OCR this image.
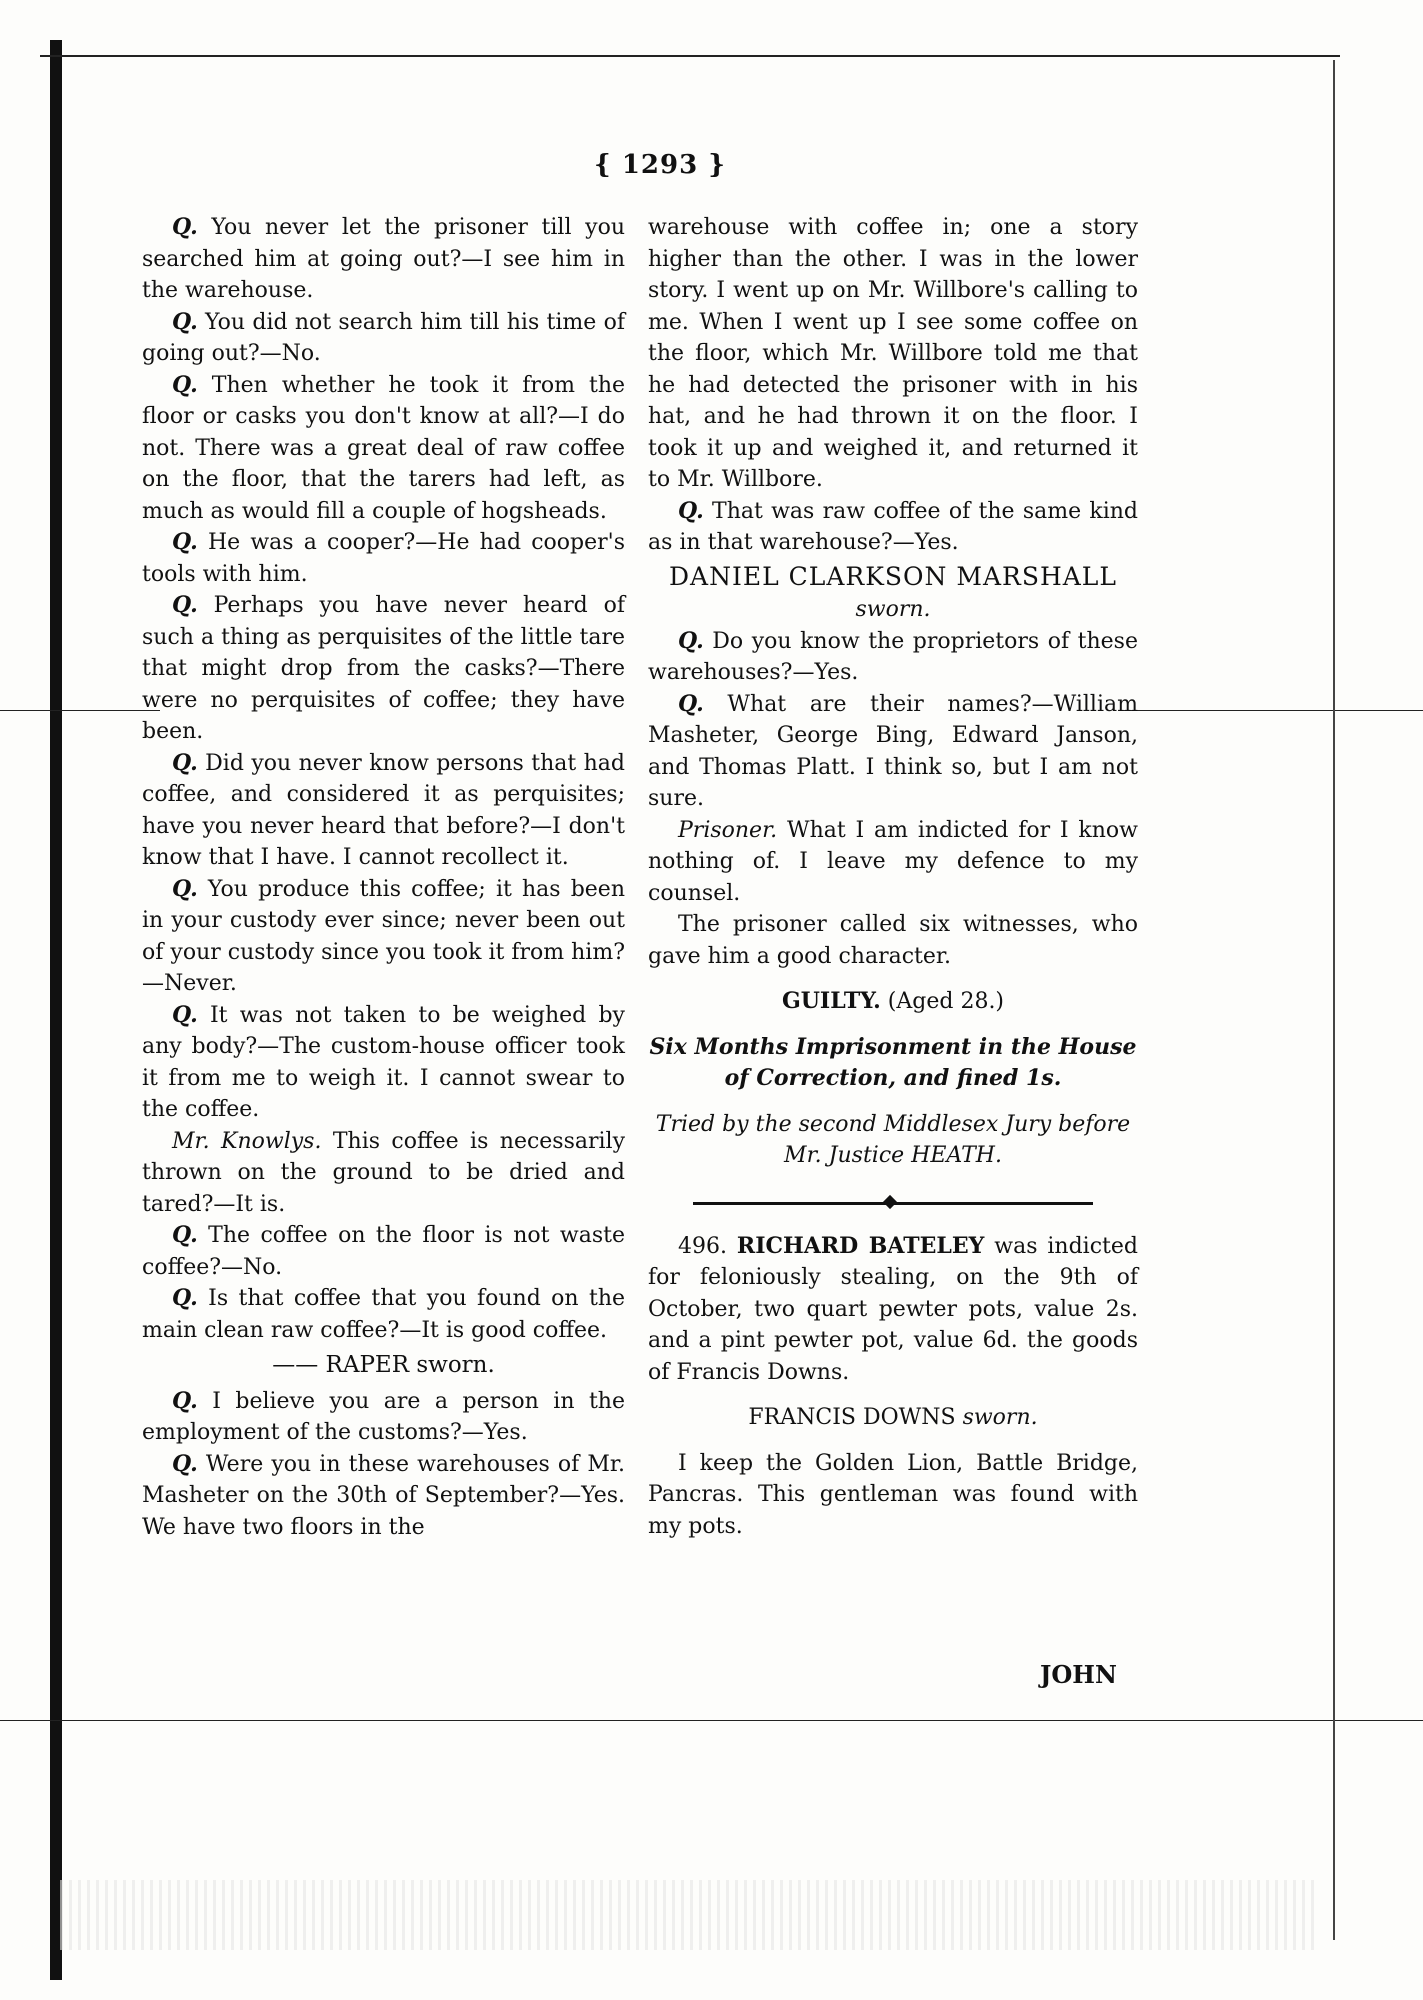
{ 1293 }

Q. You never let the prisoner till you searched him at going out?—I see him in the warehouse.

Q. You did not search him till his time of going out?—No.

Q. Then whether he took it from the floor or casks you don't know at all?—I do not. There was a great deal of raw coffee on the floor, that the tarers had left, as much as would fill a couple of hogsheads.

Q. He was a cooper?—He had cooper's tools with him.

Q. Perhaps you have never heard of such a thing as perquisites of the little tare that might drop from the casks?—There were no perquisites of coffee; they have been.

Q. Did you never know persons that had coffee, and considered it as perquisites; have you never heard that before?—I don't know that I have. I cannot recollect it.

Q. You produce this coffee; it has been in your custody ever since; never been out of your custody since you took it from him?—Never.

Q. It was not taken to be weighed by any body?—The custom-house officer took it from me to weigh it. I cannot swear to the coffee.

Mr. Knowlys. This coffee is necessarily thrown on the ground to be dried and tared?—It is.

Q. The coffee on the floor is not waste coffee?—No.

Q. Is that coffee that you found on the main clean raw coffee?—It is good coffee.

—— RAPER sworn.

Q. I believe you are a person in the employment of the customs?—Yes.

Q. Were you in these warehouses of Mr. Masheter on the 30th of September?—Yes. We have two floors in the

warehouse with coffee in; one a story higher than the other. I was in the lower story. I went up on Mr. Willbore's calling to me. When I went up I see some coffee on the floor, which Mr. Willbore told me that he had detected the prisoner with in his hat, and he had thrown it on the floor. I took it up and weighed it, and returned it to Mr. Willbore.

Q. That was raw coffee of the same kind as in that warehouse?—Yes.

DANIEL CLARKSON MARSHALL

sworn.

Q. Do you know the proprietors of these warehouses?—Yes.

Q. What are their names?—William Masheter, George Bing, Edward Janson, and Thomas Platt. I think so, but I am not sure.

Prisoner. What I am indicted for I know nothing of. I leave my defence to my counsel.

The prisoner called six witnesses, who gave him a good character.

GUILTY. (Aged 28.)

Six Months Imprisonment in the House of Correction, and fined 1s.

Tried by the second Middlesex Jury before

Mr. Justice HEATH.

496. RICHARD BATELEY was indicted for feloniously stealing, on the 9th of October, two quart pewter pots, value 2s. and a pint pewter pot, value 6d. the goods of Francis Downs.

FRANCIS DOWNS sworn.

I keep the Golden Lion, Battle Bridge, Pancras. This gentleman was found with my pots.

JOHN
